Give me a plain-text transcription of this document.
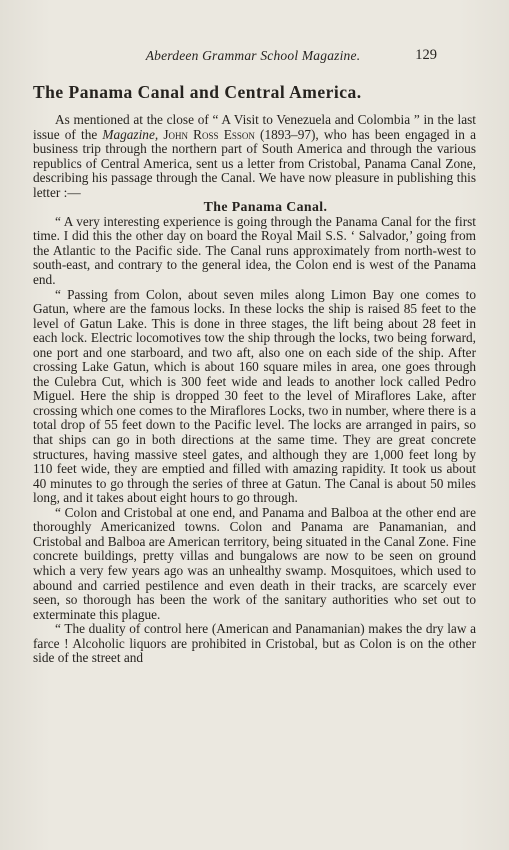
Aberdeen Grammar School Magazine.	129
The Panama Canal and Central America.

As mentioned at the close of “ A Visit to Venezuela and Colombia ” in the last issue of the Magazine, John Ross Esson (1893–97), who has been engaged in a business trip through the northern part of South America and through the various republics of Central America, sent us a letter from Cristobal, Panama Canal Zone, describing his passage through the Canal. We have now pleasure in publishing this letter :—

The Panama Canal.

“ A very interesting experience is going through the Panama Canal for the first time. I did this the other day on board the Royal Mail S.S. ‘ Salvador,’ going from the Atlantic to the Pacific side. The Canal runs approximately from north-west to south-east, and contrary to the general idea, the Colon end is west of the Panama end.

“ Passing from Colon, about seven miles along Limon Bay one comes to Gatun, where are the famous locks. In these locks the ship is raised 85 feet to the level of Gatun Lake. This is done in three stages, the lift being about 28 feet in each lock. Electric locomotives tow the ship through the locks, two being forward, one port and one starboard, and two aft, also one on each side of the ship. After crossing Lake Gatun, which is about 160 square miles in area, one goes through the Culebra Cut, which is 300 feet wide and leads to another lock called Pedro Miguel. Here the ship is dropped 30 feet to the level of Miraflores Lake, after crossing which one comes to the Miraflores Locks, two in number, where there is a total drop of 55 feet down to the Pacific level. The locks are arranged in pairs, so that ships can go in both directions at the same time. They are great concrete structures, having massive steel gates, and although they are 1,000 feet long by 110 feet wide, they are emptied and filled with amazing rapidity. It took us about 40 minutes to go through the series of three at Gatun. The Canal is about 50 miles long, and it takes about eight hours to go through.

“ Colon and Cristobal at one end, and Panama and Balboa at the other end are thoroughly Americanized towns. Colon and Panama are Panamanian, and Cristobal and Balboa are American territory, being situated in the Canal Zone. Fine concrete buildings, pretty villas and bungalows are now to be seen on ground which a very few years ago was an unhealthy swamp. Mosquitoes, which used to abound and carried pestilence and even death in their tracks, are scarcely ever seen, so thorough has been the work of the sanitary authorities who set out to exterminate this plague.

“ The duality of control here (American and Panamanian) makes the dry law a farce ! Alcoholic liquors are prohibited in Cristobal, but as Colon is on the other side of the street and
